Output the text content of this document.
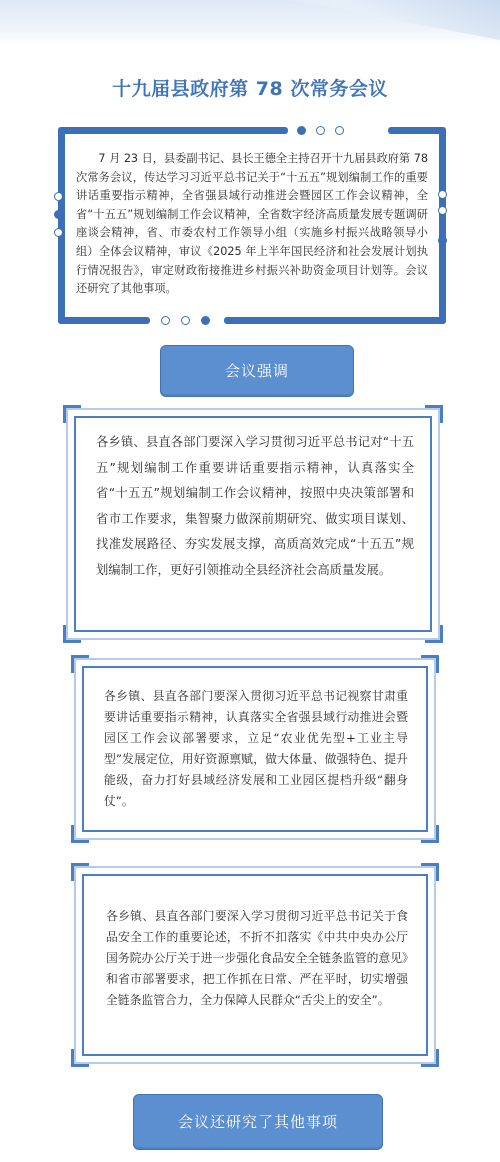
十九届县政府第 78 次常务会议

7 月 23 日，县委副书记、县长王德全主持召开十九届县政府第 78 次常务会议，传达学习习近平总书记关于“十五五”规划编制工作的重要讲话重要指示精神，全省强县域行动推进会暨园区工作会议精神，全省“十五五”规划编制工作会议精神，全省数字经济高质量发展专题调研座谈会精神，省、市委农村工作领导小组（实施乡村振兴战略领导小组）全体会议精神，审议《2025 年上半年国民经济和社会发展计划执行情况报告》，审定财政衔接推进乡村振兴补助资金项目计划等。会议还研究了其他事项。

会议强调

各乡镇、县直各部门要深入学习贯彻习近平总书记对“十五五”规划编制工作重要讲话重要指示精神，认真落实全省“十五五”规划编制工作会议精神，按照中央决策部署和省市工作要求，集智聚力做深前期研究、做实项目谋划、找准发展路径、夯实发展支撑，高质高效完成“十五五”规划编制工作，更好引领推动全县经济社会高质量发展。

各乡镇、县直各部门要深入贯彻习近平总书记视察甘肃重要讲话重要指示精神，认真落实全省强县域行动推进会暨园区工作会议部署要求，立足“农业优先型+工业主导型”发展定位，用好资源禀赋，做大体量、做强特色、提升能级，奋力打好县域经济发展和工业园区提档升级“翻身仗”。

各乡镇、县直各部门要深入学习贯彻习近平总书记关于食品安全工作的重要论述，不折不扣落实《中共中央办公厅国务院办公厅关于进一步强化食品安全全链条监管的意见》和省市部署要求，把工作抓在日常、严在平时，切实增强全链条监管合力，全力保障人民群众“舌尖上的安全”。

会议还研究了其他事项
